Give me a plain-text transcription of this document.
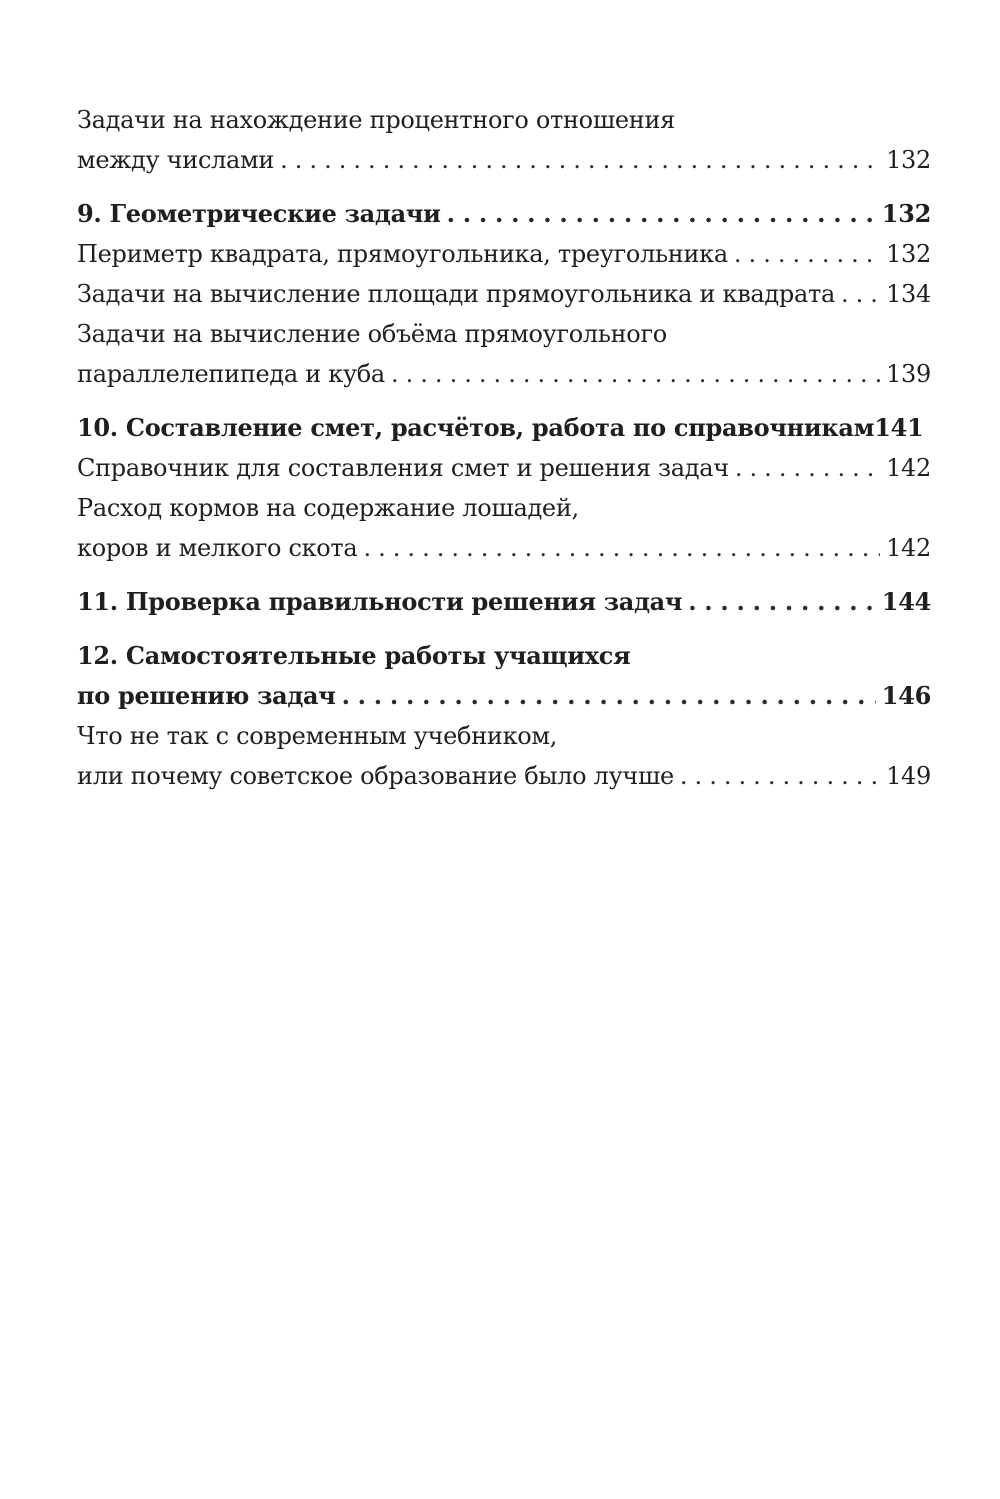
Задачи на нахождение процентного отношения
между числами . . .	132
9. Геометрические задачи . . .	132
Периметр квадрата, прямоугольника, треугольника . . .	132
Задачи на вычисление площади прямоугольника и квадрата . . . 134
Задачи на вычисление объёма прямоугольного
параллелепипеда и куба . . .	139
10. Составление смет, расчётов, работа по справочникам 141
Справочник для составления смет и решения задач . . .	142
Расход кормов на содержание лошадей,
коров и мелкого скота . . .	142
11. Проверка правильности решения задач . . .	144
12. Самостоятельные работы учащихся
по решению задач . . .	146
Что не так с современным учебником,
или почему советское образование было лучше . . .	149
